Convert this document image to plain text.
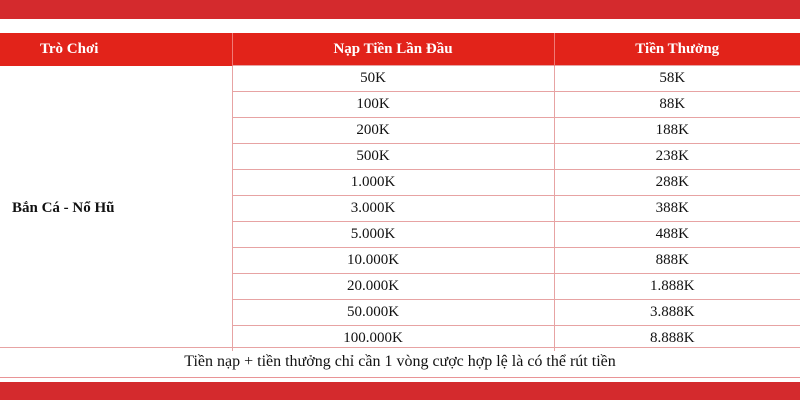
Trò Chơi	Nạp Tiền Lần Đầu	Tiền Thưởng
Bắn Cá - Nổ Hũ	50K	58K
	100K	88K
	200K	188K
	500K	238K
	1.000K	288K
	3.000K	388K
	5.000K	488K
	10.000K	888K
	20.000K	1.888K
	50.000K	3.888K
	100.000K	8.888K
Tiền nạp + tiền thưởng chỉ cần 1 vòng cược hợp lệ là có thể rút tiền
